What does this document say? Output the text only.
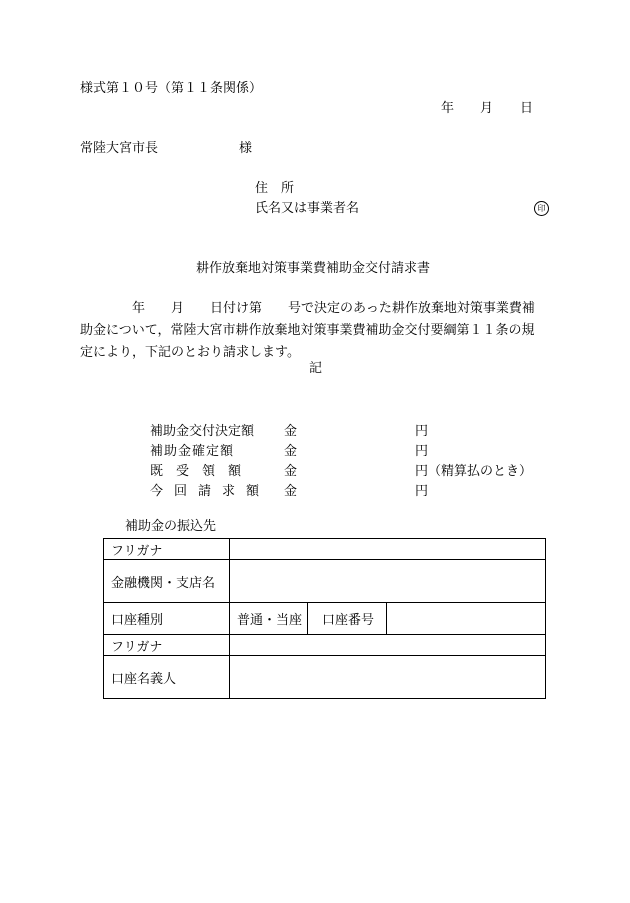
様式第１０号（第１１条関係）
年 月 日
常陸大宮市長	様
住　所
氏名又は事業者名	印
耕作放棄地対策事業費補助金交付請求書
　　　　年　　月　　日付け第　　号で決定のあった耕作放棄地対策事業費補
助金について，常陸大宮市耕作放棄地対策事業費補助金交付要綱第１１条の規
定により，下記のとおり請求します。
記
補助金交付決定額 金	円
補助金確定額	金	円
既　受　領　額	金	円（精算払のとき）
今　回　請　求　額 金	円
補助金の振込先
フリガナ			
金融機関・支店名			
口座種別	普通・当座	口座番号	
フリガナ			
口座名義人			
